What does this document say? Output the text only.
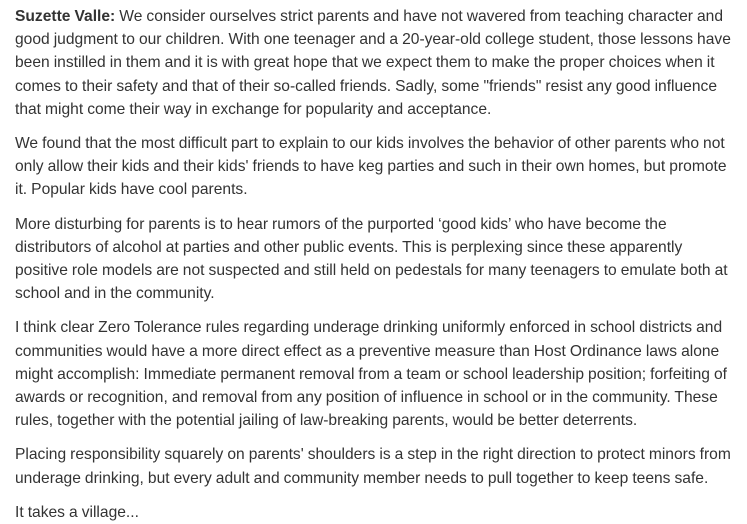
Suzette Valle: We consider ourselves strict parents and have not wavered from teaching character and good judgment to our children. With one teenager and a 20-year-old college student, those lessons have been instilled in them and it is with great hope that we expect them to make the proper choices when it comes to their safety and that of their so-called friends. Sadly, some "friends" resist any good influence that might come their way in exchange for popularity and acceptance.

We found that the most difficult part to explain to our kids involves the behavior of other parents who not only allow their kids and their kids' friends to have keg parties and such in their own homes, but promote it. Popular kids have cool parents.

More disturbing for parents is to hear rumors of the purported ‘good kids’ who have become the distributors of alcohol at parties and other public events. This is perplexing since these apparently positive role models are not suspected and still held on pedestals for many teenagers to emulate both at school and in the community.

I think clear Zero Tolerance rules regarding underage drinking uniformly enforced in school districts and communities would have a more direct effect as a preventive measure than Host Ordinance laws alone might accomplish: Immediate permanent removal from a team or school leadership position; forfeiting of awards or recognition, and removal from any position of influence in school or in the community. These rules, together with the potential jailing of law-breaking parents, would be better deterrents.

Placing responsibility squarely on parents' shoulders is a step in the right direction to protect minors from underage drinking, but every adult and community member needs to pull together to keep teens safe.

It takes a village...
